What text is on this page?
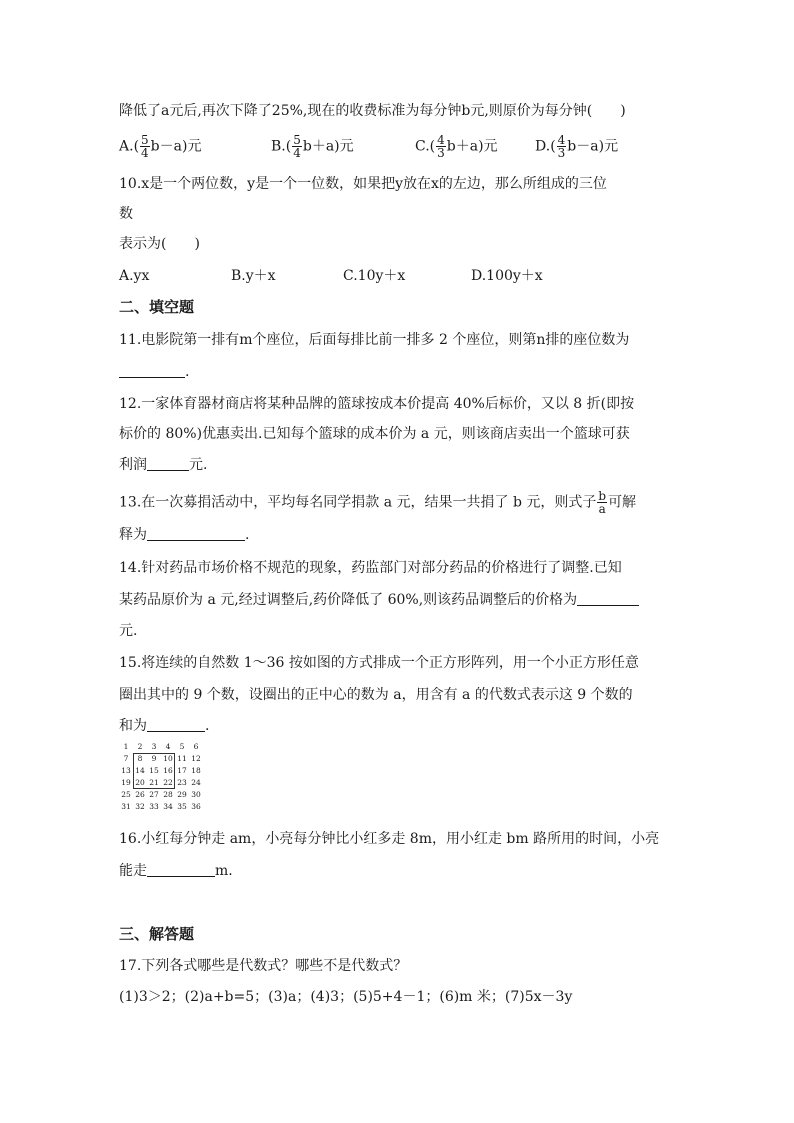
降低了a元后,再次下降了25%,现在的收费标准为每分钟b元,则原价为每分钟(　　)
$A.( \frac{5}{4} b-a)$元	$B.( \frac{5}{4} b+a)$元	$C.( \frac{4}{3} b+a)$元	$D.( \frac{4}{3} b-a)$元
10.x是一个两位数，y是一个一位数，如果把y放在x的左边，那么所组成的三位
数
表示为(　　)
A.yx	B.y＋x	C.10y＋x	D.100y＋x
二、填空题
11.电影院第一排有m个座位，后面每排比前一排多 2 个座位，则第n排的座位数为
.
12.一家体育器材商店将某种品牌的篮球按成本价提高 40%后标价，又以 8 折(即按
标价的 80%)优惠卖出.已知每个篮球的成本价为 a 元，则该商店卖出一个篮球可获
利润	元.
13.在一次募捐活动中，平均每名同学捐款 a 元，结果一共捐了 b 元，则式子 $\frac{b}{a}$ 可解
释为	.
14.针对药品市场价格不规范的现象，药监部门对部分药品的价格进行了调整.已知
某药品原价为 a 元,经过调整后,药价降低了 60%,则该药品调整后的价格为
元.
15.将连续的自然数 1～36 按如图的方式排成一个正方形阵列，用一个小正方形任意
圈出其中的 9 个数，设圈出的正中心的数为 a，用含有 a 的代数式表示这 9 个数的
和为	.
1	2	3	4	5	6
7	8	9 10 11 12
13 14 15 16 17 18
19 20 21 22 23 24
25 26 27 28 29 30
31 32 33 34 35 36
16.小红每分钟走 am，小亮每分钟比小红多走 8m，用小红走 bm 路所用的时间，小亮
能走	m.
三、解答题
17.下列各式哪些是代数式？哪些不是代数式？
(1)3＞2；(2)a+b=5；(3)a；(4)3；(5)5+4－1；(6)m 米；(7)5x－3y
